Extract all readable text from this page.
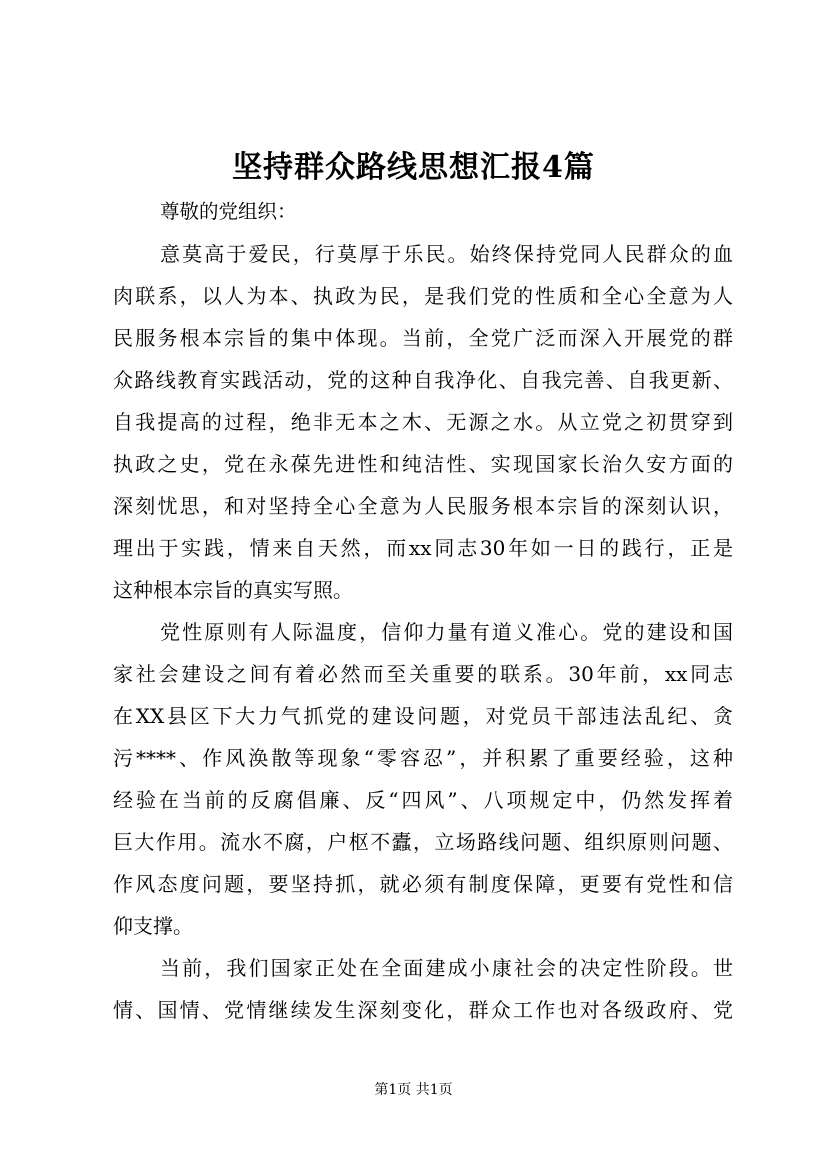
坚持群众路线思想汇报4篇
尊敬的党组织：
意莫高于爱民，行莫厚于乐民。始终保持党同人民群众的血
肉联系，以人为本、执政为民，是我们党的性质和全心全意为人
民服务根本宗旨的集中体现。当前，全党广泛而深入开展党的群
众路线教育实践活动，党的这种自我净化、自我完善、自我更新、
自我提高的过程，绝非无本之木、无源之水。从立党之初贯穿到
执政之史，党在永葆先进性和纯洁性、实现国家长治久安方面的
深刻忧思，和对坚持全心全意为人民服务根本宗旨的深刻认识，
理出于实践，情来自天然，而xx同志30年如一日的践行，正是
这种根本宗旨的真实写照。
党性原则有人际温度，信仰力量有道义准心。党的建设和国
家社会建设之间有着必然而至关重要的联系。30年前，xx同志
在XX县区下大力气抓党的建设问题，对党员干部违法乱纪、贪
污****、作风涣散等现象“零容忍”，并积累了重要经验，这种
经验在当前的反腐倡廉、反“四风”、八项规定中，仍然发挥着
巨大作用。流水不腐，户枢不蠹，立场路线问题、组织原则问题、
作风态度问题，要坚持抓，就必须有制度保障，更要有党性和信
仰支撑。
当前，我们国家正处在全面建成小康社会的决定性阶段。世
情、国情、党情继续发生深刻变化，群众工作也对各级政府、党
第1页 共1页
